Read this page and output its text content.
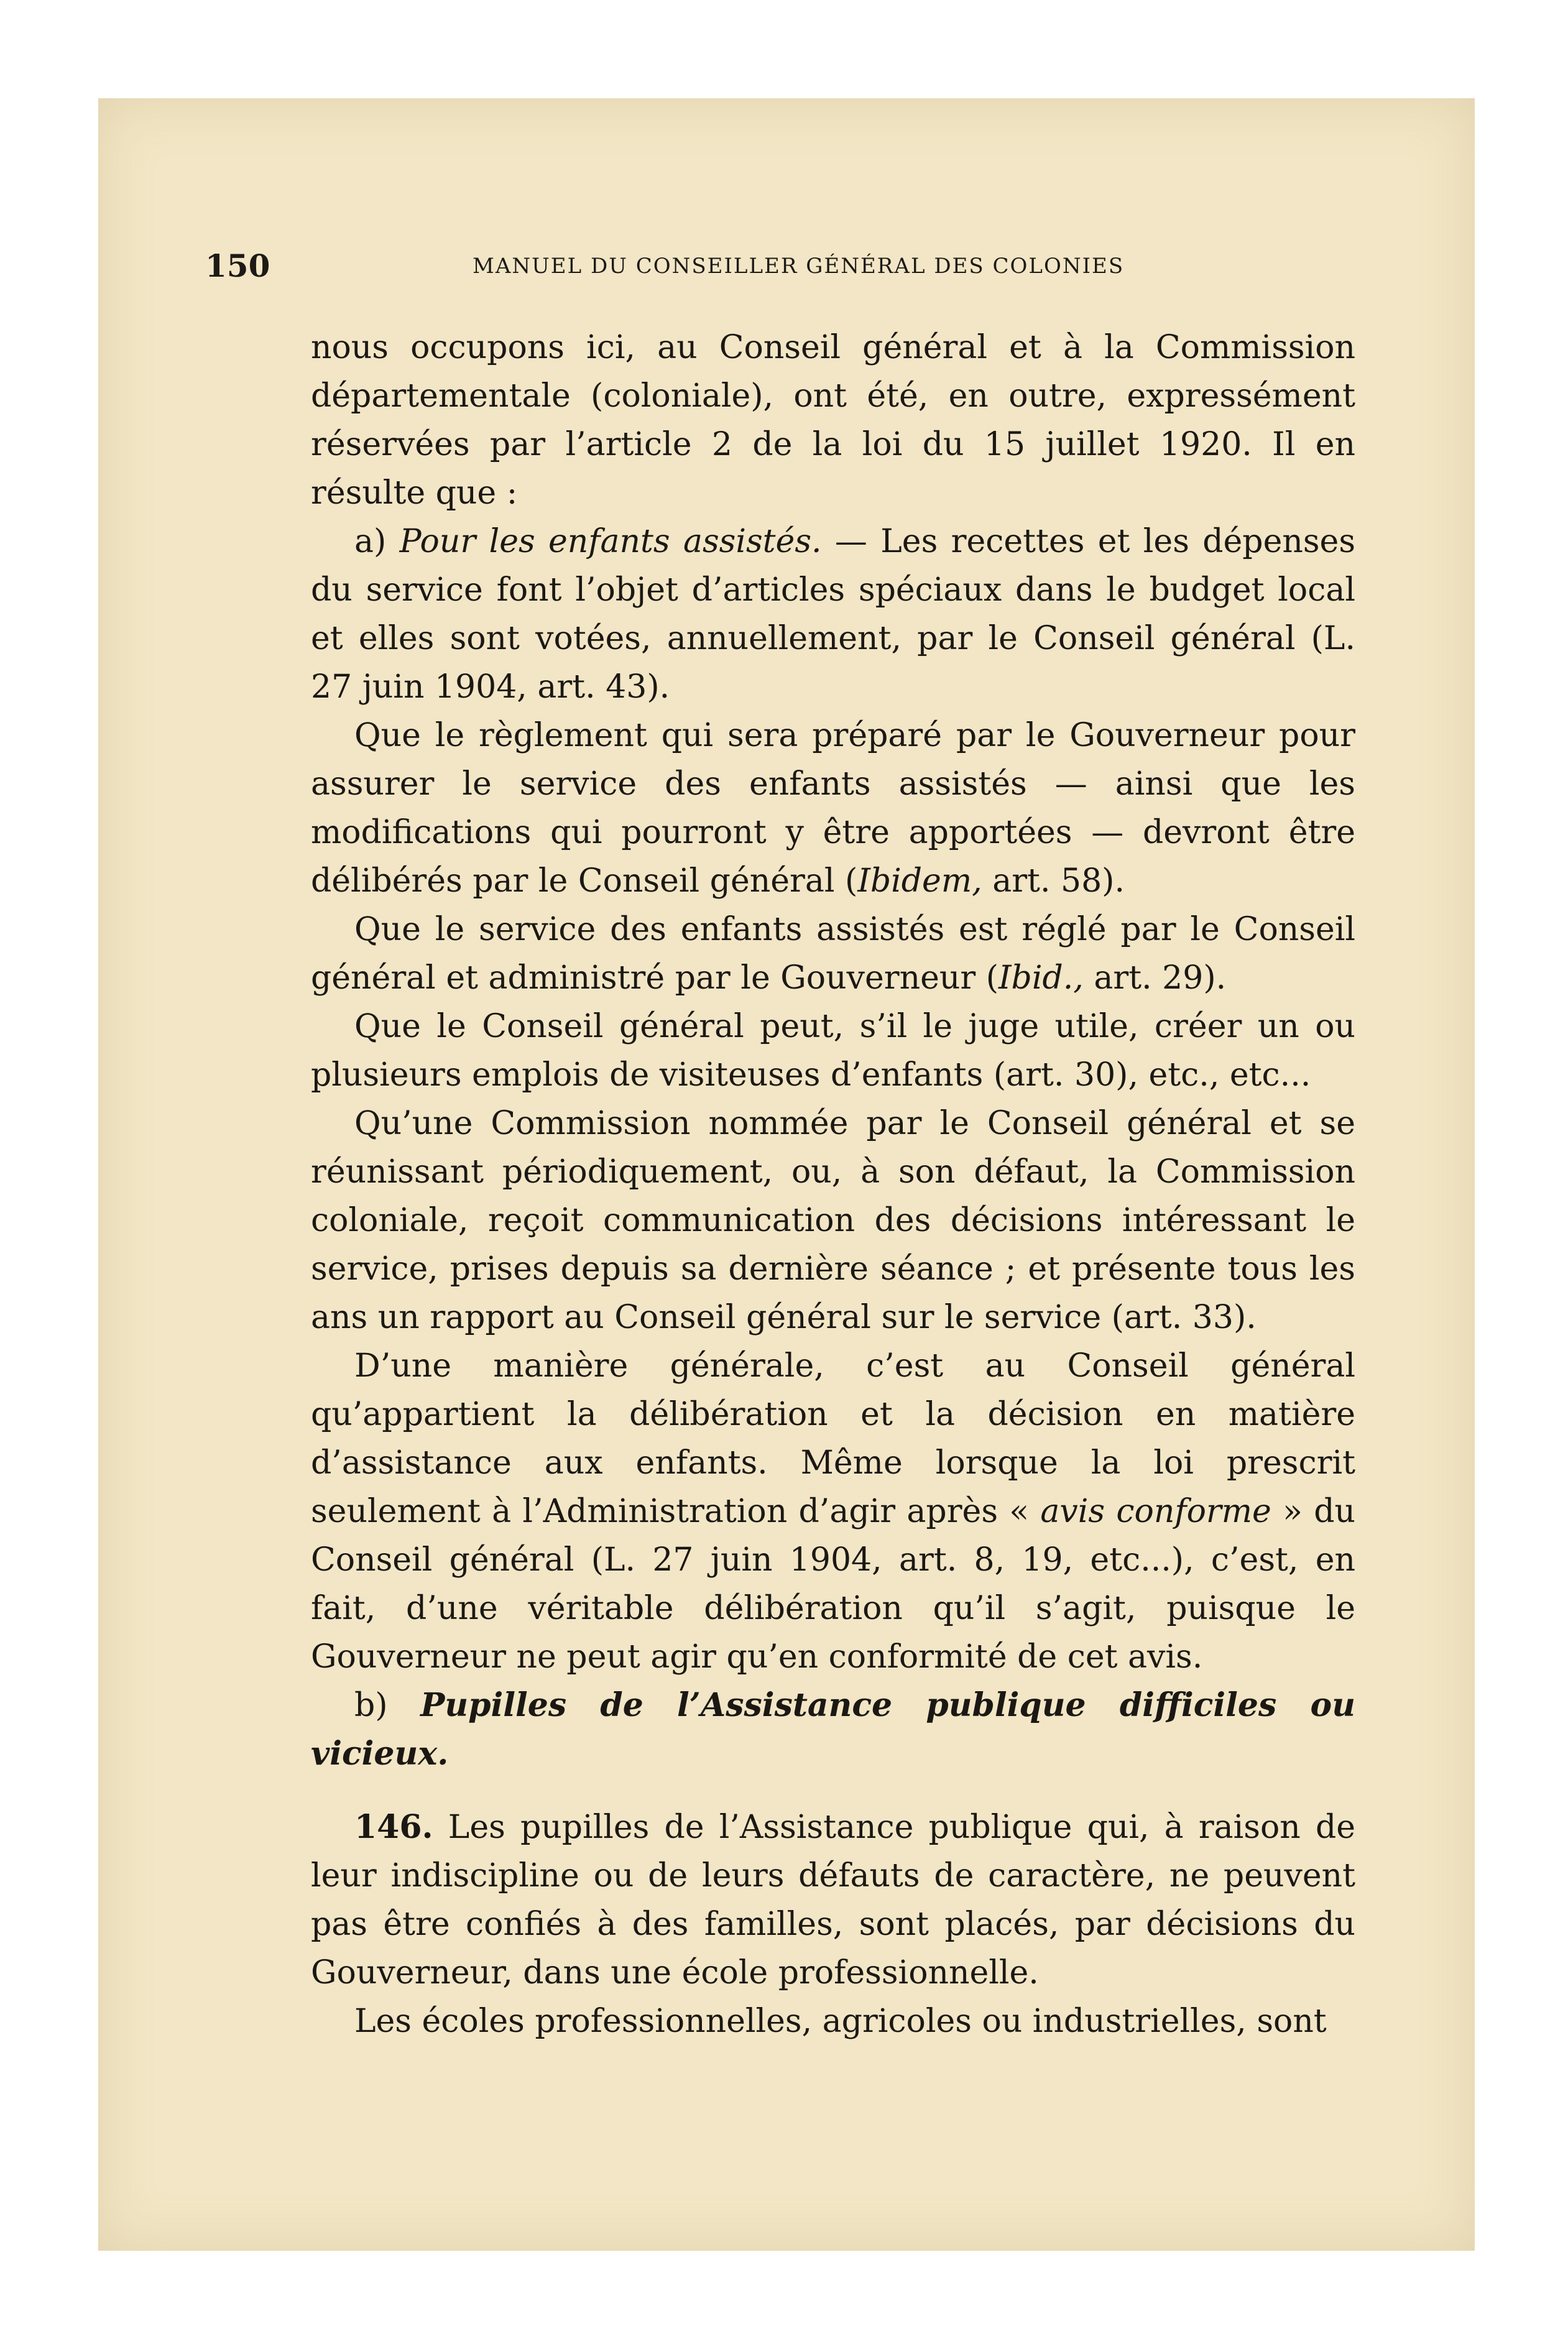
150	MANUEL DU CONSEILLER GÉNÉRAL DES COLONIES

nous occupons ici, au Conseil général et à la Commission départementale (coloniale), ont été, en outre, expressément réservées par l’article 2 de la loi du 15 juillet 1920. Il en résulte que :

a) Pour les enfants assistés. — Les recettes et les dépenses du service font l’objet d’articles spéciaux dans le budget local et elles sont votées, annuellement, par le Conseil général (L. 27 juin 1904, art. 43).

Que le règlement qui sera préparé par le Gouverneur pour assurer le service des enfants assistés — ainsi que les modifications qui pourront y être apportées — devront être délibérés par le Conseil général (Ibidem, art. 58).

Que le service des enfants assistés est réglé par le Conseil général et administré par le Gouverneur (Ibid., art. 29).

Que le Conseil général peut, s’il le juge utile, créer un ou plusieurs emplois de visiteuses d’enfants (art. 30), etc., etc...

Qu’une Commission nommée par le Conseil général et se réunissant périodiquement, ou, à son défaut, la Commission coloniale, reçoit communication des décisions intéressant le service, prises depuis sa dernière séance ; et présente tous les ans un rapport au Conseil général sur le service (art. 33).

D’une manière générale, c’est au Conseil général qu’appartient la délibération et la décision en matière d’assistance aux enfants. Même lorsque la loi prescrit seulement à l’Administration d’agir après « avis conforme » du Conseil général (L. 27 juin 1904, art. 8, 19, etc...), c’est, en fait, d’une véritable délibération qu’il s’agit, puisque le Gouverneur ne peut agir qu’en conformité de cet avis.

b) Pupilles de l’Assistance publique difficiles ou vicieux.

146. Les pupilles de l’Assistance publique qui, à raison de leur indiscipline ou de leurs défauts de caractère, ne peuvent pas être confiés à des familles, sont placés, par décisions du Gouverneur, dans une école professionnelle.

Les écoles professionnelles, agricoles ou industrielles, sont
